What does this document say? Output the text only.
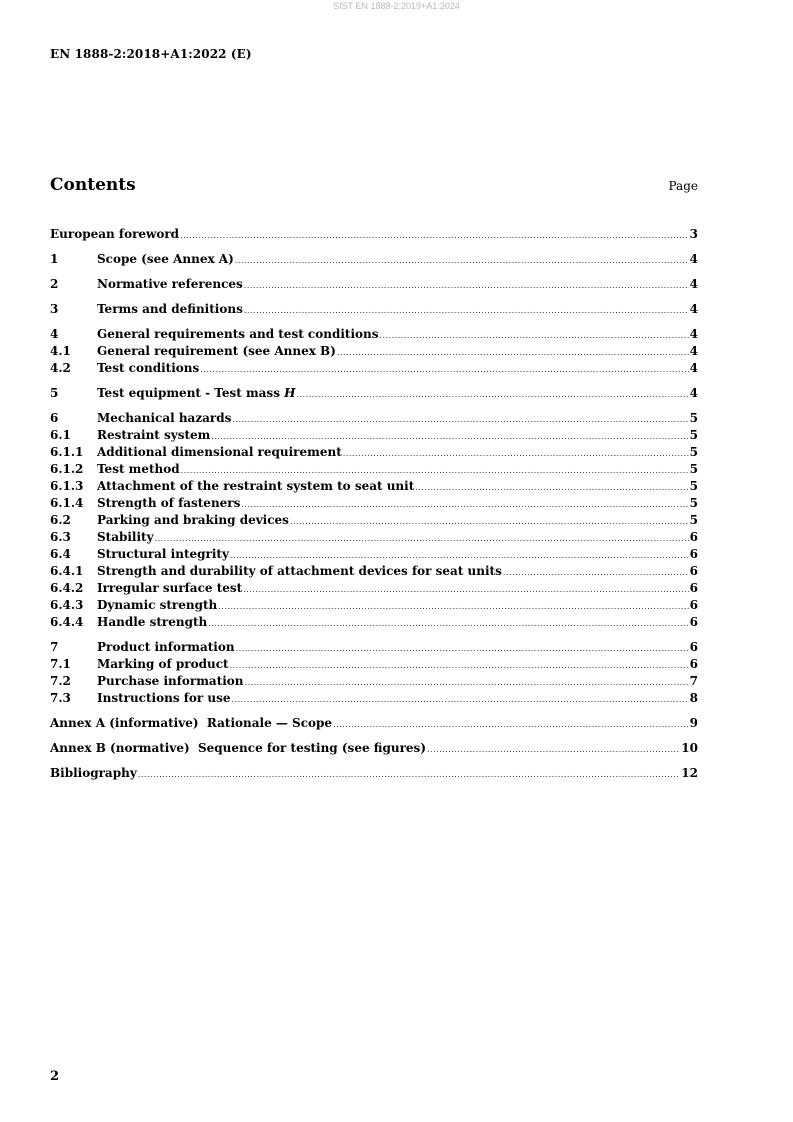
SIST EN 1888-2:2019+A1:2024
EN 1888-2:2018+A1:2022 (E)
Contents	Page
European foreword .....	3
1	Scope (see Annex A) .....	4
2	Normative references .....	4
3	Terms and definitions .....	4
4	General requirements and test conditions .....	4
4.1	General requirement (see Annex B) .....	4
4.2	Test conditions .....	4
5	Test equipment - Test mass H .....	4
6	Mechanical hazards .....	5
6.1	Restraint system .....	5
6.1.1	Additional dimensional requirement .....	5
6.1.2	Test method .....	5
6.1.3	Attachment of the restraint system to seat unit .....	5
6.1.4	Strength of fasteners .....	5
6.2	Parking and braking devices .....	5
6.3	Stability .....	6
6.4	Structural integrity .....	6
6.4.1	Strength and durability of attachment devices for seat units .....	6
6.4.2	Irregular surface test .....	6
6.4.3	Dynamic strength .....	6
6.4.4	Handle strength .....	6
7	Product information .....	6
7.1	Marking of product .....	6
7.2	Purchase information .....	7
7.3	Instructions for use .....	8
Annex A (informative)  Rationale — Scope .....	9
Annex B (normative)  Sequence for testing (see figures) .....	10
Bibliography .....	12
2
